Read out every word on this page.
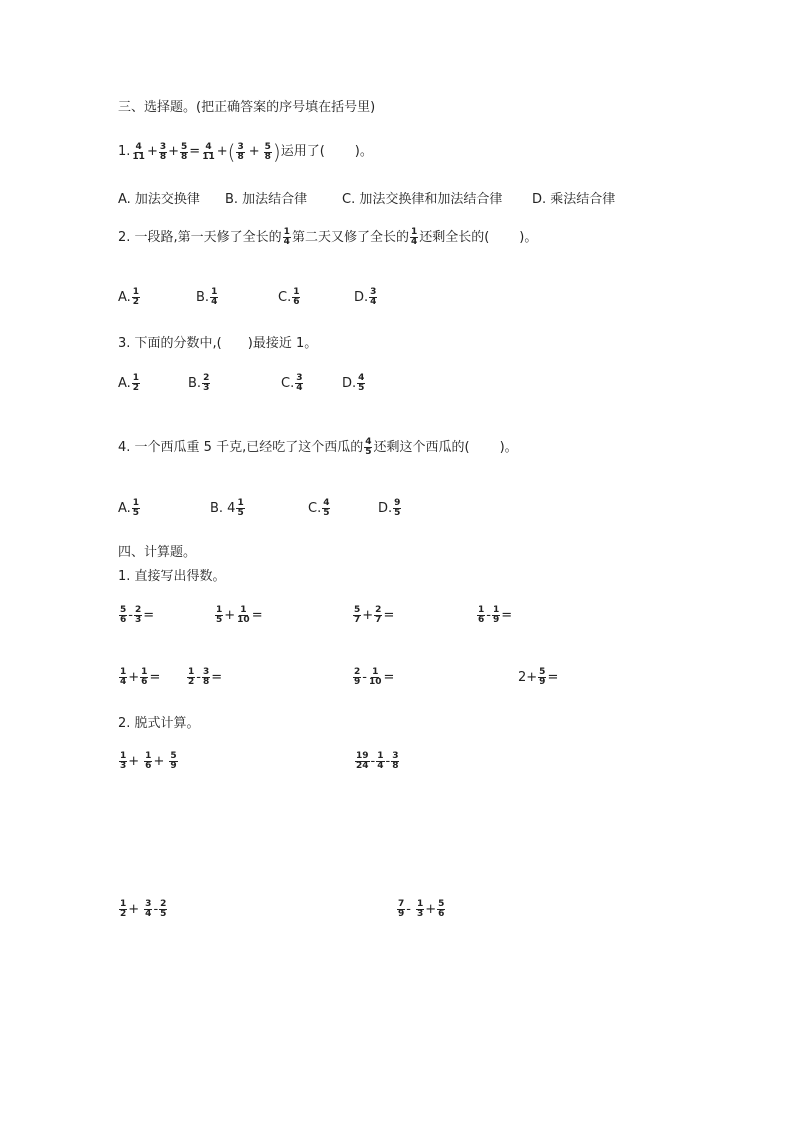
三、选择题。(把正确答案的序号填在括号里)
1. $\frac{4}{11} + \frac{3}{8} + \frac{5}{8} = \frac{4}{11}$ + ( $\frac{3}{8} + \frac{5}{8}$ ) 运用了( )。
A. 加法交换律 B. 加法结合律	C. 加法交换律和加法结合律 D. 乘法结合律
2. 一段路,第一天修了全长的 $\frac{1}{4}$ 第二天又修了全长的 $\frac{1}{4}$ 还剩全长的( )。
A. $\frac{1}{2}$	B. $\frac{1}{4}$	C. $\frac{1}{6}$	D. $\frac{3}{4}$
3. 下面的分数中,( )最接近 1。
A. $\frac{1}{2}$	B. $\frac{2}{3}$	C. $\frac{3}{4}$	D. $\frac{4}{5}$
4. 一个西瓜重 5 千克,已经吃了这个西瓜的 $\frac{4}{5}$ 还剩这个西瓜的( )。
A. $\frac{1}{5}$	B. $4 \frac{1}{5}$	C. $\frac{4}{5}$	D. $\frac{9}{5}$
四、计算题。
1. 直接写出得数。
$\frac{5}{6} - \frac{2}{3}$ =	$\frac{1}{5} + \frac{1}{10}$ =	$\frac{5}{7} + \frac{2}{7}$ =	$\frac{1}{6} - \frac{1}{9}$ =
$\frac{1}{4} + \frac{1}{6}$ =	$\frac{1}{2} - \frac{3}{8}$ =	$\frac{2}{9} - \frac{1}{10}$ =	$2+ \frac{5}{9}$ =
2. 脱式计算。
$\frac{1}{3} + \frac{1}{6} + \frac{5}{9}$	$\frac{19}{24} - \frac{1}{4} - \frac{3}{8}$
$\frac{1}{2} + \frac{3}{4} - \frac{2}{5}$	$\frac{7}{9} - \frac{1}{3} + \frac{5}{6}$
